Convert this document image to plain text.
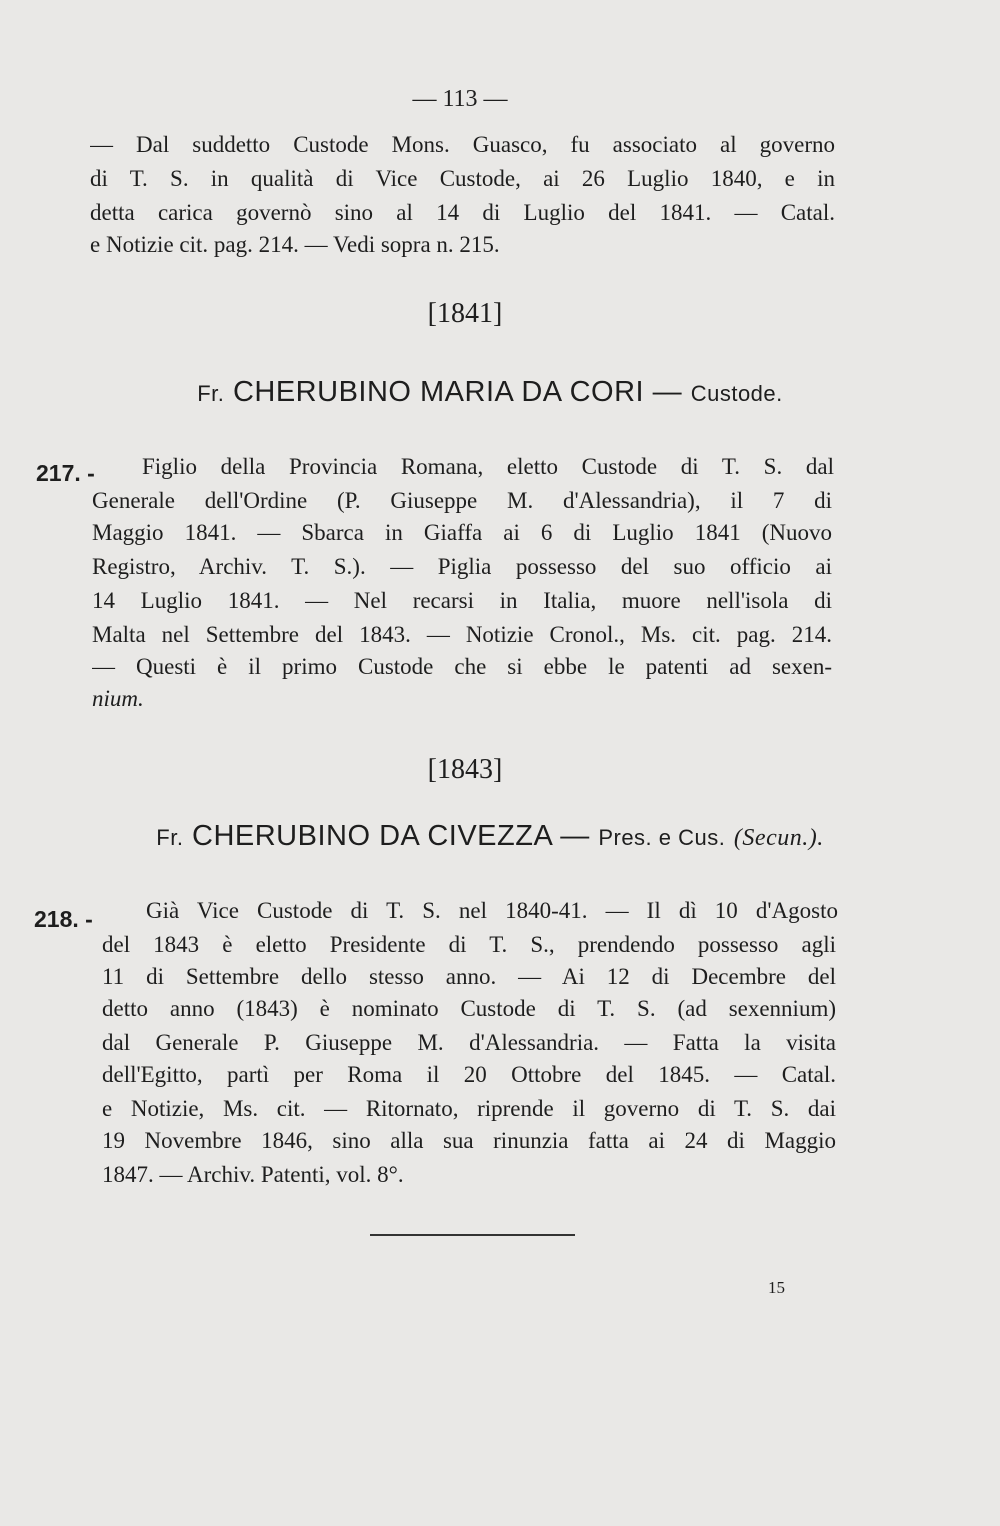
— 113 —
— Dal suddetto Custode Mons. Guasco, fu associato al governo
di T. S. in qualità di Vice Custode, ai 26 Luglio 1840, e in
detta carica governò sino al 14 di Luglio del 1841. — Catal.
e Notizie cit. pag. 214. — Vedi sopra n. 215.
[1841]
Fr. CHERUBINO MARIA DA CORI — Custode.
217. - Figlio della Provincia Romana, eletto Custode di T. S. dal
Generale dell'Ordine (P. Giuseppe M. d'Alessandria), il 7 di
Maggio 1841. — Sbarca in Giaffa ai 6 di Luglio 1841 (Nuovo
Registro, Archiv. T. S.). — Piglia possesso del suo officio ai
14 Luglio 1841. — Nel recarsi in Italia, muore nell'isola di
Malta nel Settembre del 1843. — Notizie Cronol., Ms. cit. pag. 214.
— Questi è il primo Custode che si ebbe le patenti ad sexen-
nium.
[1843]
Fr. CHERUBINO DA CIVEZZA — Pres. e Cus. (Secun.).
218. - Già Vice Custode di T. S. nel 1840-41. — Il dì 10 d'Agosto
del 1843 è eletto Presidente di T. S., prendendo possesso agli
11 di Settembre dello stesso anno. — Ai 12 di Decembre del
detto anno (1843) è nominato Custode di T. S. (ad sexennium)
dal Generale P. Giuseppe M. d'Alessandria. — Fatta la visita
dell'Egitto, partì per Roma il 20 Ottobre del 1845. — Catal.
e Notizie, Ms. cit. — Ritornato, riprende il governo di T. S. dai
19 Novembre 1846, sino alla sua rinunzia fatta ai 24 di Maggio
1847. — Archiv. Patenti, vol. 8°.
15
